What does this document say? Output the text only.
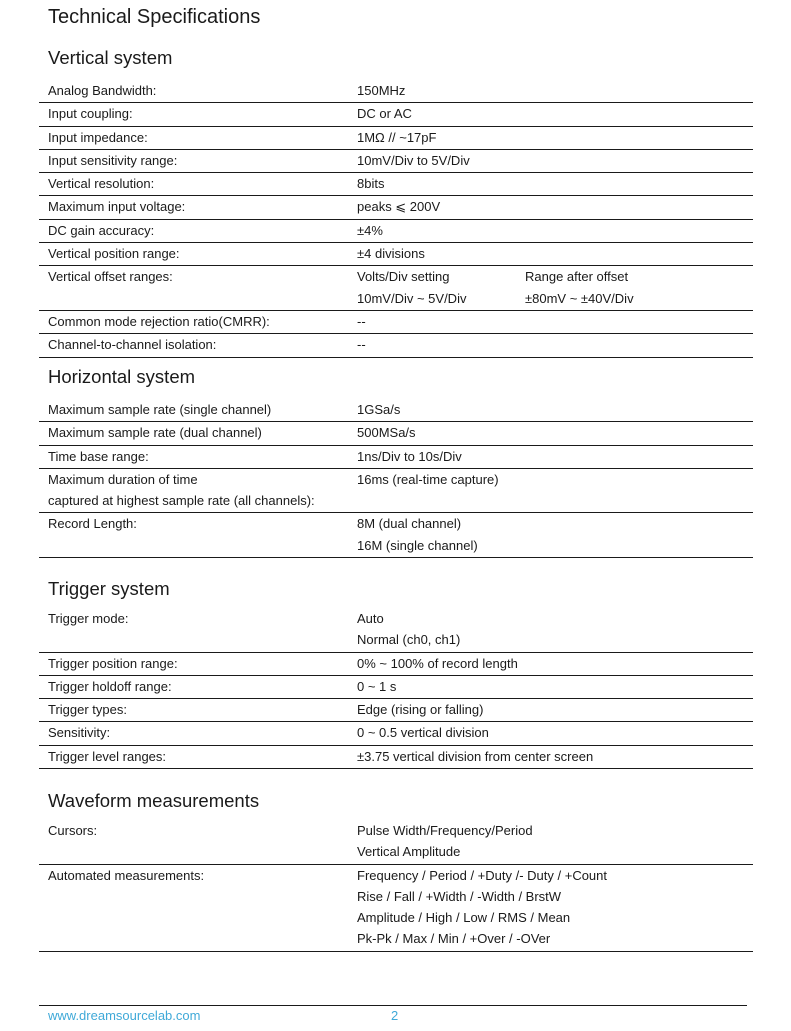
Technical Specifications
Vertical system
Analog Bandwidth:	150MHz
Input coupling:	DC or AC
Input impedance:	1MΩ // ~17pF
Input sensitivity range:	10mV/Div to 5V/Div
Vertical resolution:	8bits
Maximum input voltage:	peaks ⩽ 200V
DC gain accuracy:	±4%
Vertical position range:	±4 divisions
Vertical offset ranges:	Volts/Div setting	Range after offset
10mV/Div ~ 5V/Div	±80mV ~ ±40V/Div
Common mode rejection ratio(CMRR):	--
Channel-to-channel isolation:	--
Horizontal system
Maximum sample rate (single channel)	1GSa/s
Maximum sample rate (dual channel)	500MSa/s
Time base range:	1ns/Div to 10s/Div
Maximum duration of time	16ms (real-time capture)
captured at highest sample rate (all channels):
Record Length:	8M (dual channel)
16M (single channel)
Trigger system
Trigger mode:	Auto
Normal (ch0, ch1)
Trigger position range:	0% ~ 100% of record length
Trigger holdoff range:	0 ~ 1 s
Trigger types:	Edge (rising or falling)
Sensitivity:	0 ~ 0.5 vertical division
Trigger level ranges:	±3.75 vertical division from center screen
Waveform measurements
Cursors:	Pulse Width/Frequency/Period
Vertical Amplitude
Automated measurements:	Frequency / Period / +Duty /- Duty / +Count
Rise / Fall / +Width / -Width / BrstW
Amplitude / High / Low / RMS / Mean
Pk-Pk / Max / Min / +Over / -OVer
www.dreamsourcelab.com	2
